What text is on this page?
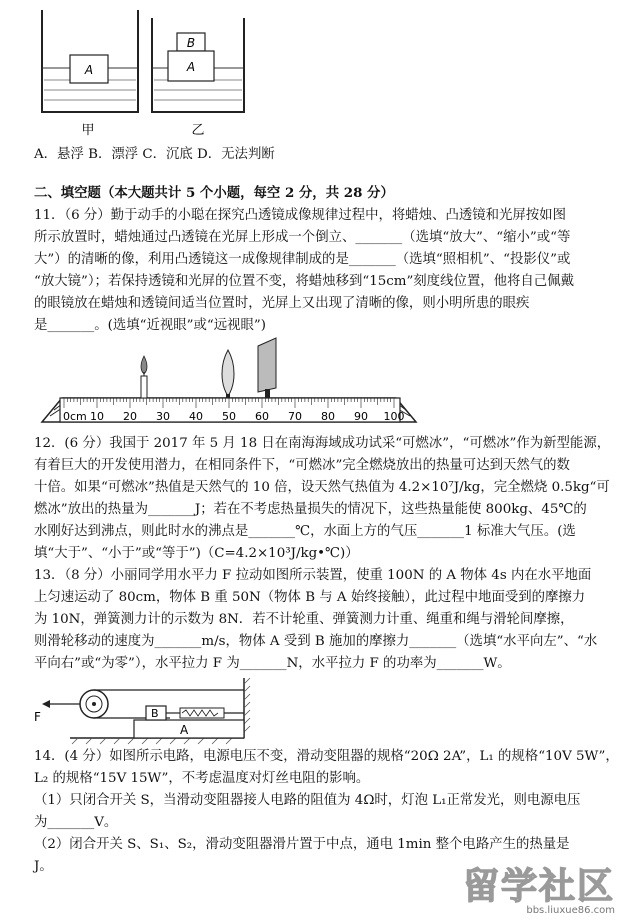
A
B
A
甲	乙
A．悬浮 B．漂浮 C．沉底 D．无法判断
二、填空题（本大题共计 5 个小题，每空 2 分，共 28 分）
11．（6 分）勤于动手的小聪在探究凸透镜成像规律过程中，将蜡烛、凸透镜和光屏按如图
所示放置时，蜡烛通过凸透镜在光屏上形成一个倒立、_______（选填“放大”、“缩小”或“等
大”）的清晰的像，利用凸透镜这一成像规律制成的是_______（选填“照相机”、“投影仪”或
“放大镜”）；若保持透镜和光屏的位置不变，将蜡烛移到“15cm”刻度线位置，他将自己佩戴
的眼镜放在蜡烛和透镜间适当位置时，光屏上又出现了清晰的像，则小明所患的眼疾
是_______。(选填“近视眼”或“远视眼”)
0cm 10 20 30 40 50 60 70 80 90 100
12．(6 分）我国于 2017 年 5 月 18 日在南海海域成功试采“可燃冰”，“可燃冰”作为新型能源，
有着巨大的开发使用潜力，在相同条件下，“可燃冰”完全燃烧放出的热量可达到天然气的数
十倍。如果“可燃冰”热值是天然气的 10 倍，设天然气热值为 4.2×10⁷J/kg，完全燃烧 0.5kg“可
燃冰”放出的热量为_______J；若在不考虑热量损失的情况下，这些热量能使 800kg、45℃的
水刚好达到沸点，则此时水的沸点是_______℃，水面上方的气压_______1 标准大气压。(选
填“大于”、“小于”或“等于”)（C=4.2×10³J/kg•℃)）
13．（8 分）小丽同学用水平力 F 拉动如图所示装置，使重 100N 的 A 物体 4s 内在水平地面
上匀速运动了 80cm，物体 B 重 50N（物体 B 与 A 始终接触），此过程中地面受到的摩擦力
为 10N，弹簧测力计的示数为 8N．若不计轮重、弹簧测力计重、绳重和绳与滑轮间摩擦，
则滑轮移动的速度为_______m/s，物体 A 受到 B 施加的摩擦力_______（选填“水平向左”、“水
平向右”或“为零”），水平拉力 F 为_______N，水平拉力 F 的功率为_______W。
F
A
B
14．(4 分）如图所示电路，电源电压不变，滑动变阻器的规格“20Ω 2A”，L₁ 的规格“10V 5W”，
L₂ 的规格“15V 15W”，不考虑温度对灯丝电阻的影响。
（1）只闭合开关 S，当滑动变阻器接人电路的阻值为 4Ω时，灯泡 L₁正常发光，则电源电压
为_______V。
（2）闭合开关 S、S₁、S₂，滑动变阻器滑片置于中点，通电 1min 整个电路产生的热量是
J。	留学社区
bbs.liuxue86.com
